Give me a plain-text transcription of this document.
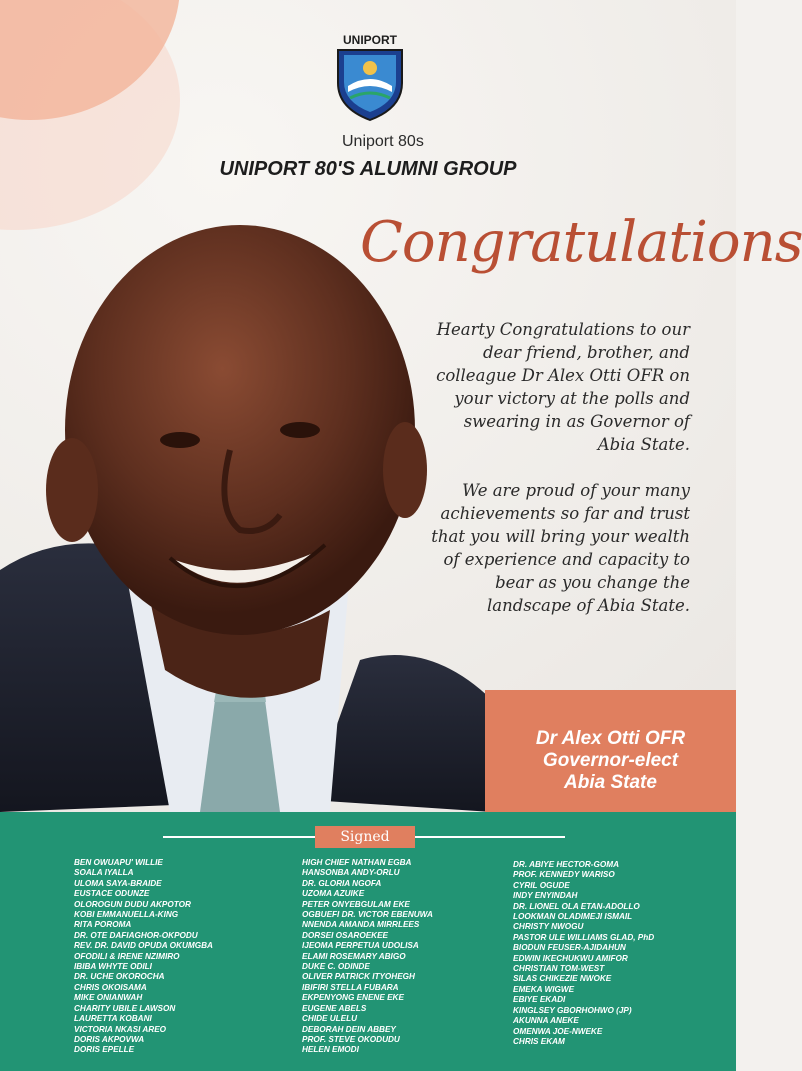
UNIPORT
Uniport 80s
UNIPORT 80'S ALUMNI GROUP
Congratulations

Hearty Congratulations to our dear friend, brother, and colleague Dr Alex Otti OFR on your victory at the polls and swearing in as Governor of Abia State.

We are proud of your many achievements so far and trust that you will bring your wealth of experience and capacity to bear as you change the landscape of Abia State.

Dr Alex Otti OFR
Governor-elect
Abia State
Signed
BEN OWUAPU' WILLIE
SOALA IYALLA
ULOMA SAYA-BRAIDE
EUSTACE ODUNZE
OLOROGUN DUDU AKPOTOR
KOBI EMMANUELLA-KING
RITA POROMA
DR. OTE DAFIAGHOR-OKPODU
REV. DR. DAVID OPUDA OKUMGBA
OFODILI & IRENE NZIMIRO
IBIBA WHYTE ODILI
DR. UCHE OKOROCHA
CHRIS OKOISAMA
MIKE ONIANWAH
CHARITY UBILE LAWSON
LAURETTA KOBANI
VICTORIA NKASI AREO
DORIS AKPOVWA
DORIS EPELLE
HIGH CHIEF NATHAN EGBA
HANSONBA ANDY-ORLU
DR. GLORIA NGOFA
UZOMA AZUIKE
PETER ONYEBGULAM EKE
OGBUEFI DR. VICTOR EBENUWA
NNENDA AMANDA MIRRLEES
DORSEI OSAROEKEE
IJEOMA PERPETUA UDOLISA
ELAMI ROSEMARY ABIGO
DUKE C. ODINDE
OLIVER PATRICK ITYOHEGH
IBIFIRI STELLA FUBARA
EKPENYONG ENENE EKE
EUGENE ABELS
CHIDE ULELU
DEBORAH DEIN ABBEY
PROF. STEVE OKODUDU
HELEN EMODI
DR. ABIYE HECTOR-GOMA
PROF. KENNEDY WARISO
CYRIL OGUDE
INDY ENYINDAH
DR. LIONEL OLA ETAN-ADOLLO
LOOKMAN OLADIMEJI ISMAIL
CHRISTY NWOGU
PASTOR ULE WILLIAMS GLAD, PhD
BIODUN FEUSER-AJIDAHUN
EDWIN IKECHUKWU AMIFOR
CHRISTIAN TOM-WEST
SILAS CHIKEZIE NWOKE
EMEKA WIGWE
EBIYE EKADI
KINGLSEY GBORHOHWO (JP)
AKUNNA ANEKE
OMENWA JOE-NWEKE
CHRIS EKAM
